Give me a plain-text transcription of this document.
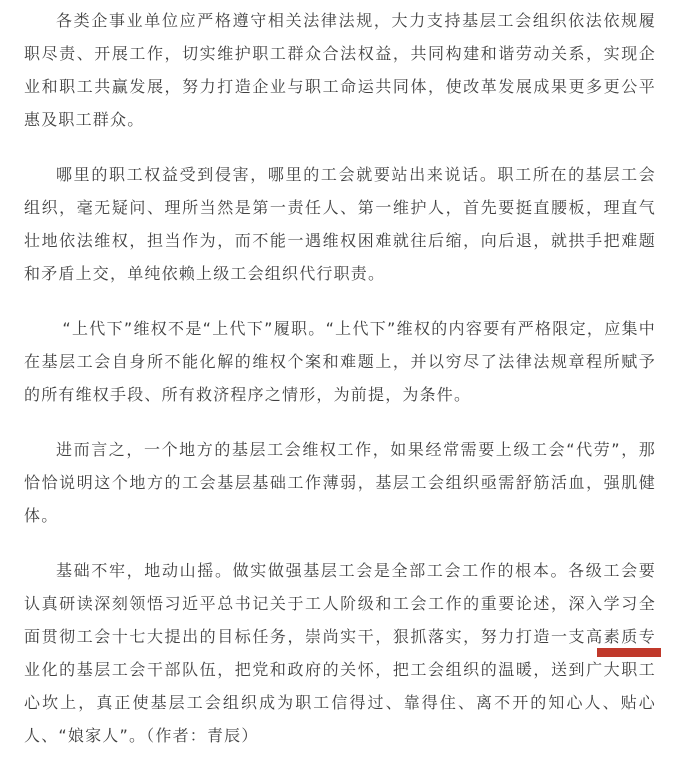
各类企事业单位应严格遵守相关法律法规，大力支持基层工会组织依法依规履职尽责、开展工作，切实维护职工群众合法权益，共同构建和谐劳动关系，实现企业和职工共赢发展，努力打造企业与职工命运共同体，使改革发展成果更多更公平惠及职工群众。

哪里的职工权益受到侵害，哪里的工会就要站出来说话。职工所在的基层工会组织，毫无疑问、理所当然是第一责任人、第一维护人，首先要挺直腰板，理直气壮地依法维权，担当作为，而不能一遇维权困难就往后缩，向后退，就拱手把难题和矛盾上交，单纯依赖上级工会组织代行职责。

“上代下”维权不是“上代下”履职。“上代下”维权的内容要有严格限定，应集中在基层工会自身所不能化解的维权个案和难题上，并以穷尽了法律法规章程所赋予的所有维权手段、所有救济程序之情形，为前提，为条件。

进而言之，一个地方的基层工会维权工作，如果经常需要上级工会“代劳”，那恰恰说明这个地方的工会基层基础工作薄弱，基层工会组织亟需舒筋活血，强肌健体。

基础不牢，地动山摇。做实做强基层工会是全部工会工作的根本。各级工会要认真研读深刻领悟习近平总书记关于工人阶级和工会工作的重要论述，深入学习全面贯彻工会十七大提出的目标任务，崇尚实干，狠抓落实，努力打造一支高素质专业化的基层工会干部队伍，把党和政府的关怀，把工会组织的温暖，送到广大职工心坎上，真正使基层工会组织成为职工信得过、靠得住、离不开的知心人、贴心人、“娘家人”。（作者：青辰）
